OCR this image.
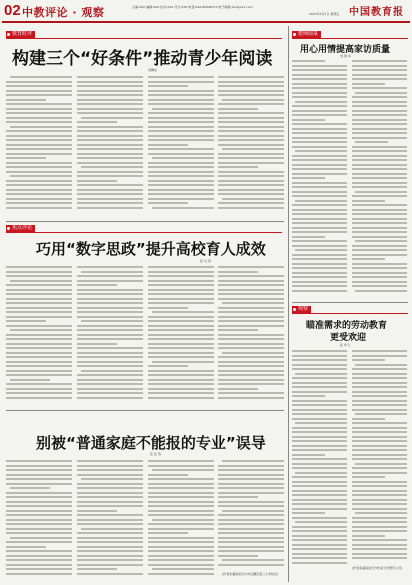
02 中教评论 · 观察	主编:XXX 编辑:XXX 校对:XXX 设计:XXX 电话:010-82296713 电子邮箱:xxx@xxx.com
2023年4月7日 星期五 中国教育报
教育时评
构建三个“好条件”推动青少年阅读
刘佩东
焦点评论
巧用“数字思政”提升高校育人成效
张 兵 涛
别被“普通家庭不能报的专业”误导
张 佳 涛
(作者系湖南省长沙市岳麓区第三小学校长)
教师圆桌
用心用情提高家访质量
刘 建 华
观察
瞄准需求的劳动教育
更受欢迎
张 华 仁
(作者系湖南省长沙市某大学教学人员)
